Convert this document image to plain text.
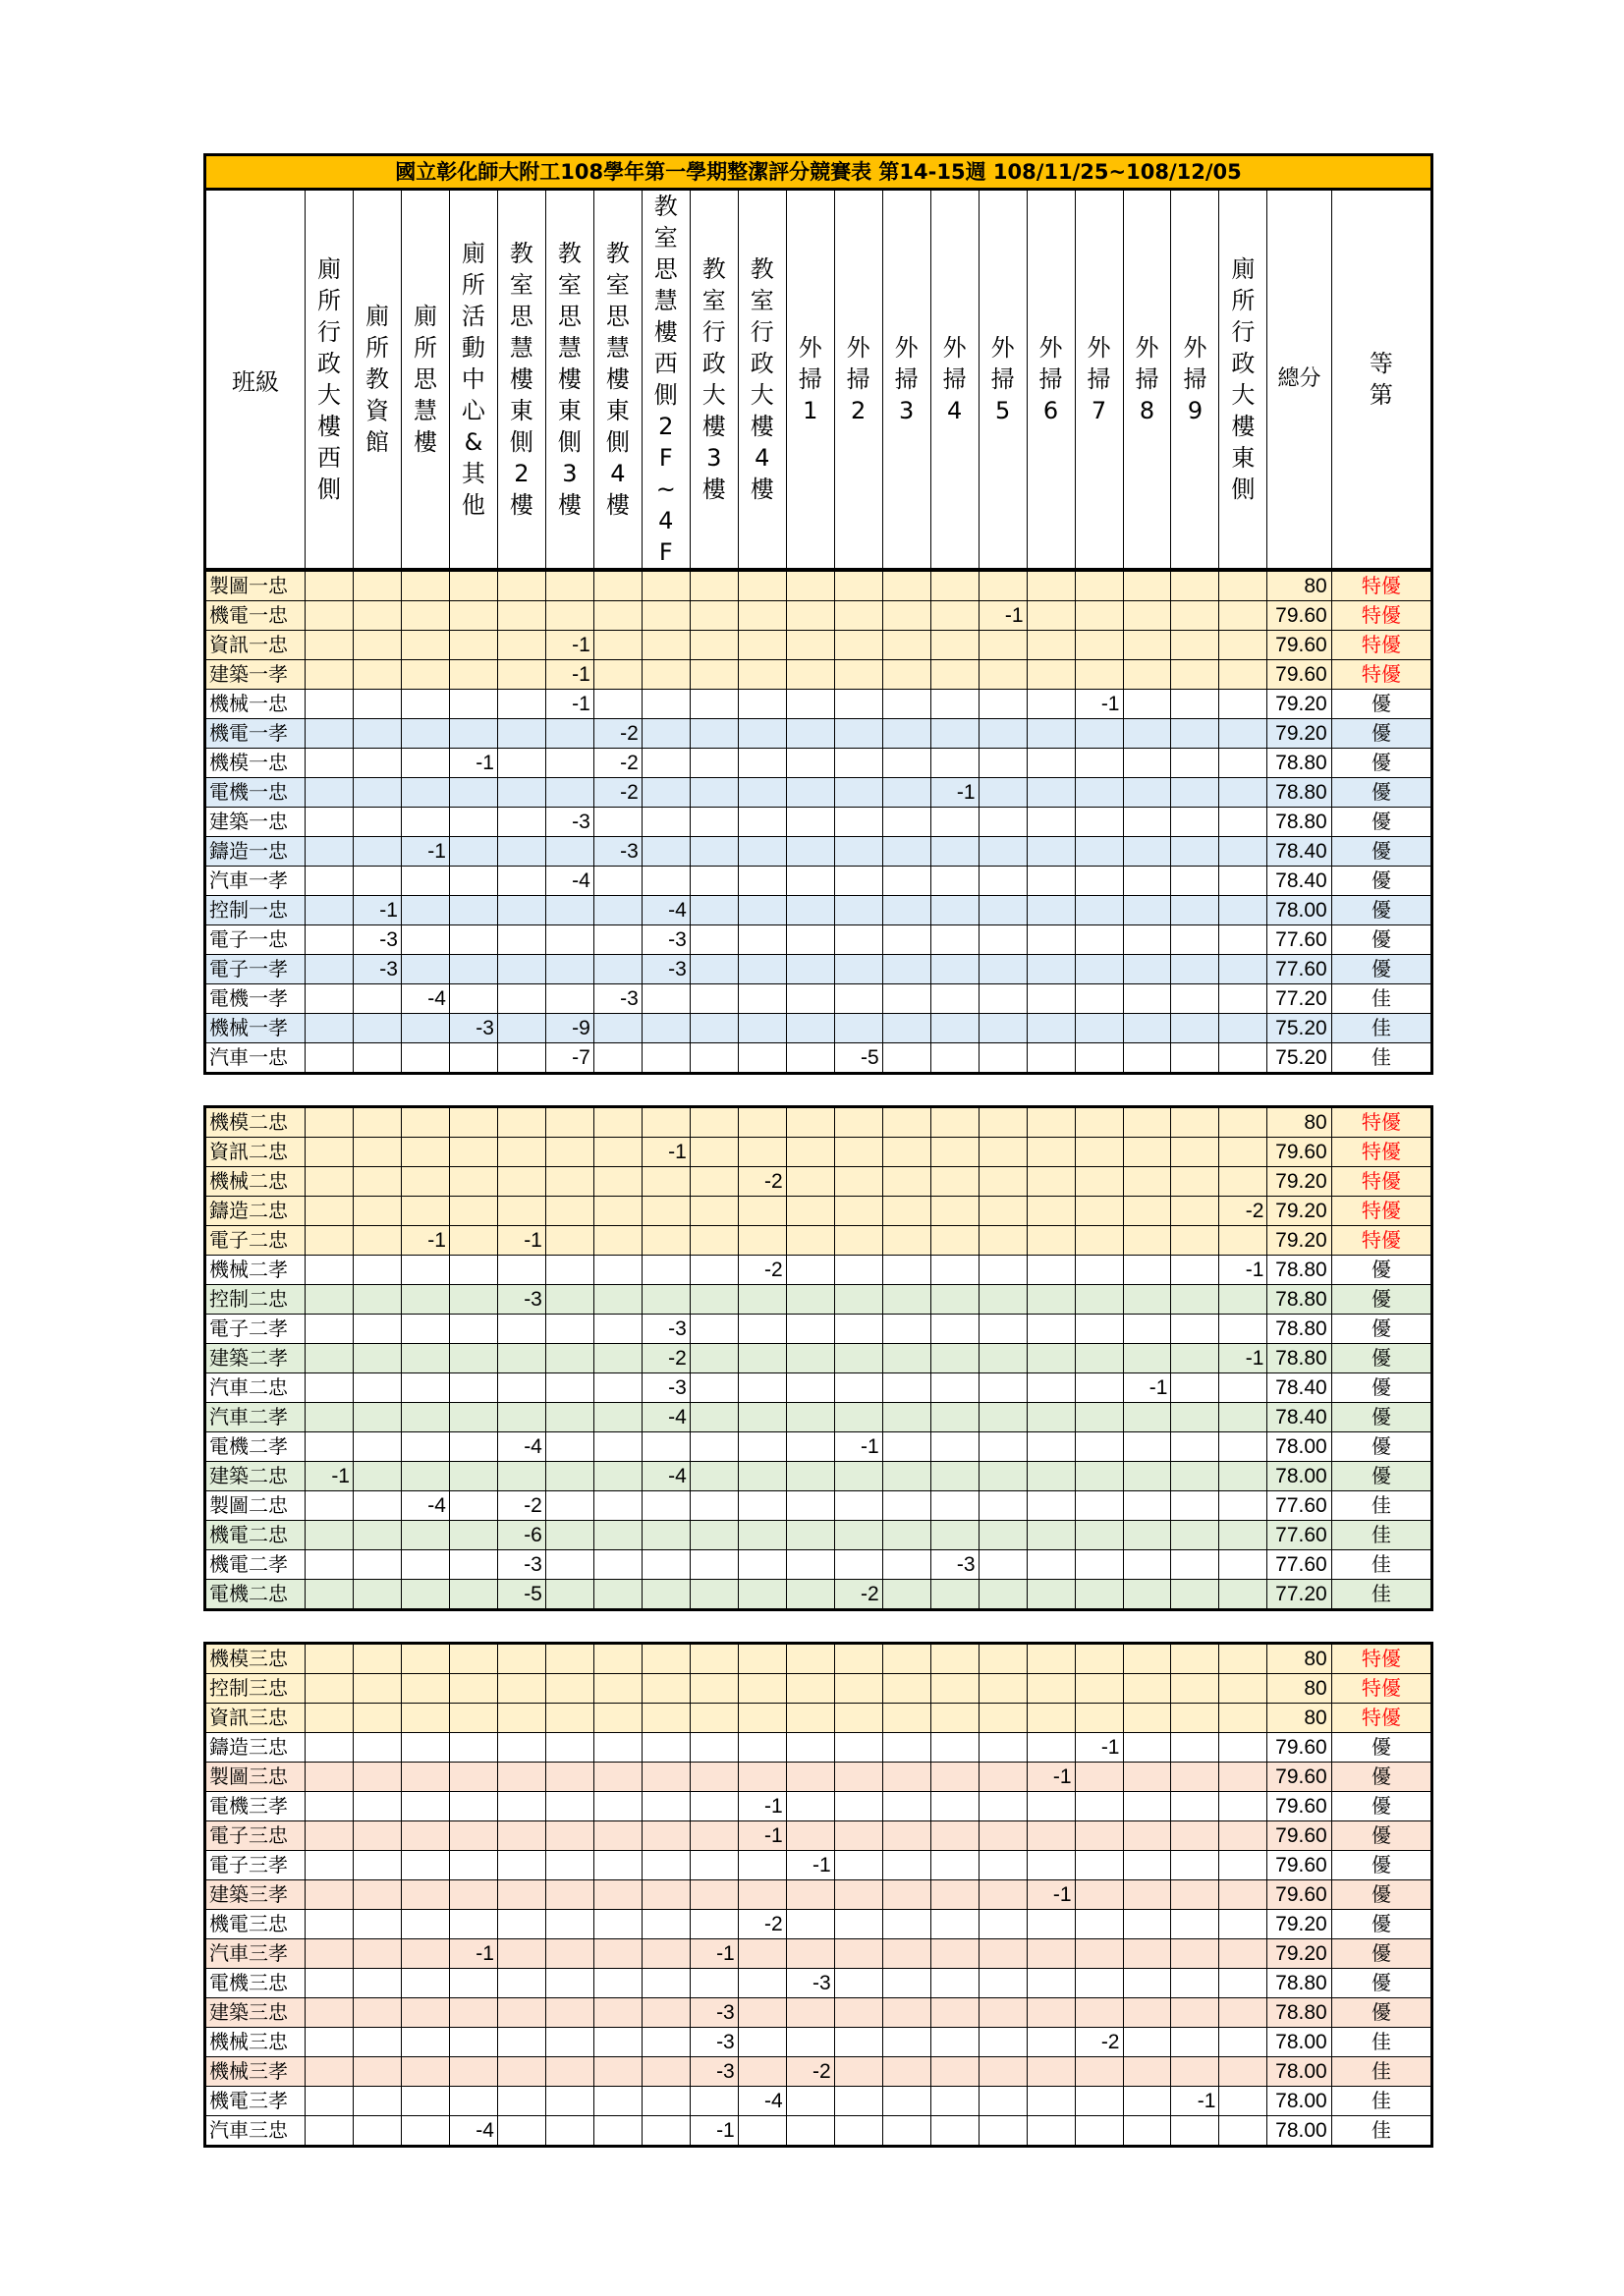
國立彰化師大附工108學年第一學期整潔評分競賽表 第14-15週 108/11/25~108/12/05
班級	廁所行政大樓西側	廁所教資館	廁所思慧樓	廁所活動中心&其他	教室思慧樓東側2樓	教室思慧樓東側3樓	教室思慧樓東側4樓	教室思慧樓西側2F~4F	教室行政大樓3樓	教室行政大樓4樓	外掃1	外掃2	外掃3	外掃4	外掃5	外掃6	外掃7	外掃8	外掃9	廁所行政大樓東側	總分	等第
製圖一忠																					80	特優
機電一忠															-1						79.60	特優
資訊一忠						-1															79.60	特優
建築一孝						-1															79.60	特優
機械一忠						-1											-1				79.20	優
機電一孝							-2														79.20	優
機模一忠				-1			-2														78.80	優
電機一忠							-2							-1							78.80	優
建築一忠						-3															78.80	優
鑄造一忠			-1				-3														78.40	優
汽車一孝						-4															78.40	優
控制一忠		-1						-4													78.00	優
電子一忠		-3						-3													77.60	優
電子一孝		-3						-3													77.60	優
電機一孝			-4				-3														77.20	佳
機械一孝				-3		-9															75.20	佳
汽車一忠						-7						-5									75.20	佳
機模二忠																					80	特優
資訊二忠								-1													79.60	特優
機械二忠										-2											79.20	特優
鑄造二忠																				-2	79.20	特優
電子二忠			-1		-1																79.20	特優
機械二孝										-2										-1	78.80	優
控制二忠					-3																78.80	優
電子二孝								-3													78.80	優
建築二孝								-2												-1	78.80	優
汽車二忠								-3										-1			78.40	優
汽車二孝								-4													78.40	優
電機二孝					-4							-1									78.00	優
建築二忠	-1							-4													78.00	優
製圖二忠			-4		-2																77.60	佳
機電二忠					-6																77.60	佳
機電二孝					-3									-3							77.60	佳
電機二忠					-5							-2									77.20	佳
機模三忠																					80	特優
控制三忠																					80	特優
資訊三忠																					80	特優
鑄造三忠																	-1				79.60	優
製圖三忠																-1					79.60	優
電機三孝										-1											79.60	優
電子三忠										-1											79.60	優
電子三孝											-1										79.60	優
建築三孝																-1					79.60	優
機電三忠										-2											79.20	優
汽車三孝				-1					-1												79.20	優
電機三忠											-3										78.80	優
建築三忠									-3												78.80	優
機械三忠									-3								-2				78.00	佳
機械三孝									-3		-2										78.00	佳
機電三孝										-4									-1		78.00	佳
汽車三忠				-4					-1												78.00	佳
